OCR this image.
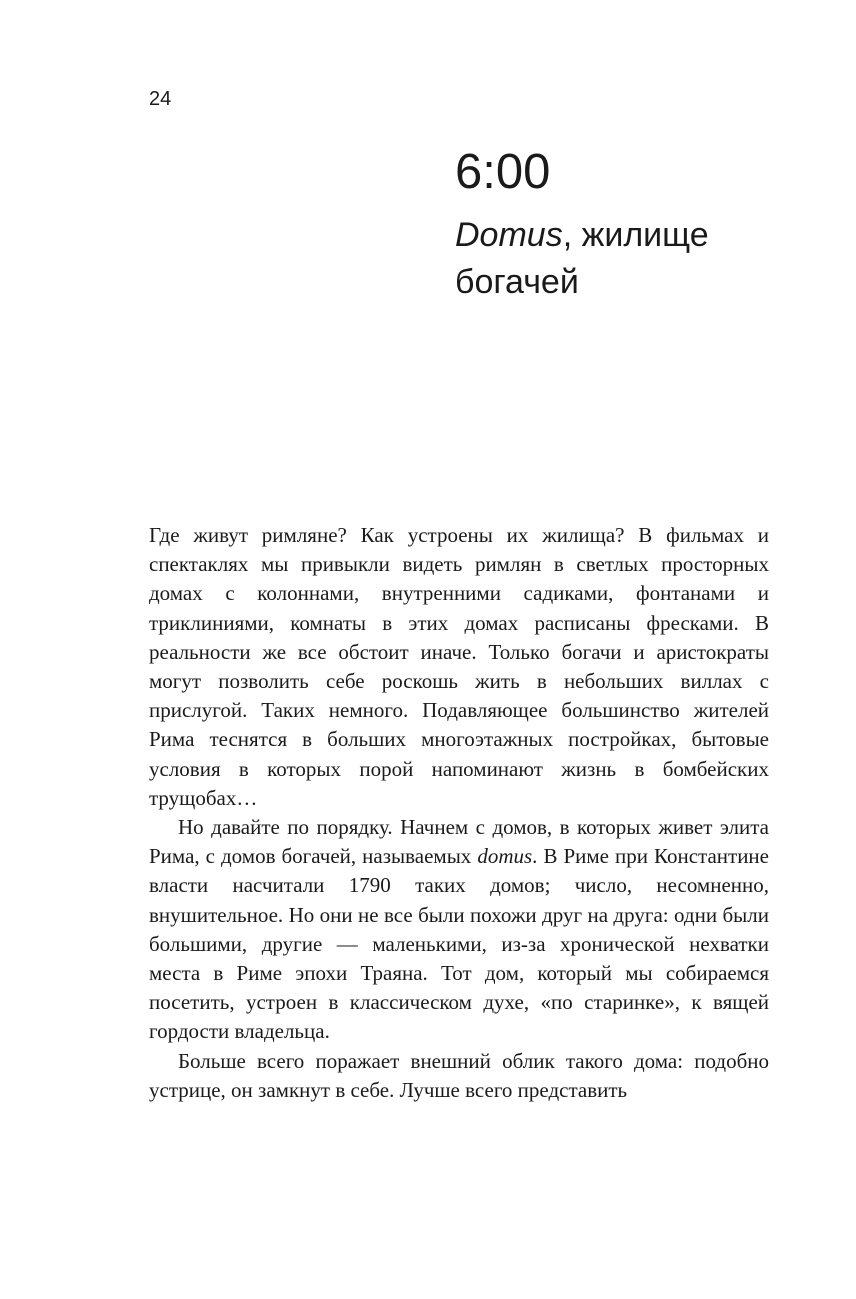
24
6:00
Domus, жилище богачей

Где живут римляне? Как устроены их жилища? В фильмах и спектаклях мы привыкли видеть римлян в светлых просторных домах с колоннами, внутренними садиками, фонтанами и триклиниями, комнаты в этих домах расписаны фресками. В реальности же все обстоит иначе. Только богачи и аристократы могут позволить себе роскошь жить в небольших виллах с прислугой. Таких немного. Подавляющее большинство жителей Рима теснятся в больших многоэтажных постройках, бытовые условия в которых порой напоминают жизнь в бомбейских трущобах…

Но давайте по порядку. Начнем с домов, в которых живет элита Рима, с домов богачей, называемых domus. В Риме при Константине власти насчитали 1790 таких домов; число, несомненно, внушительное. Но они не все были похожи друг на друга: одни были большими, другие — маленькими, из-за хронической нехватки места в Риме эпохи Траяна. Тот дом, который мы собираемся посетить, устроен в классическом духе, «по старинке», к вящей гордости владельца.

Больше всего поражает внешний облик такого дома: подобно устрице, он замкнут в себе. Лучше всего представить
